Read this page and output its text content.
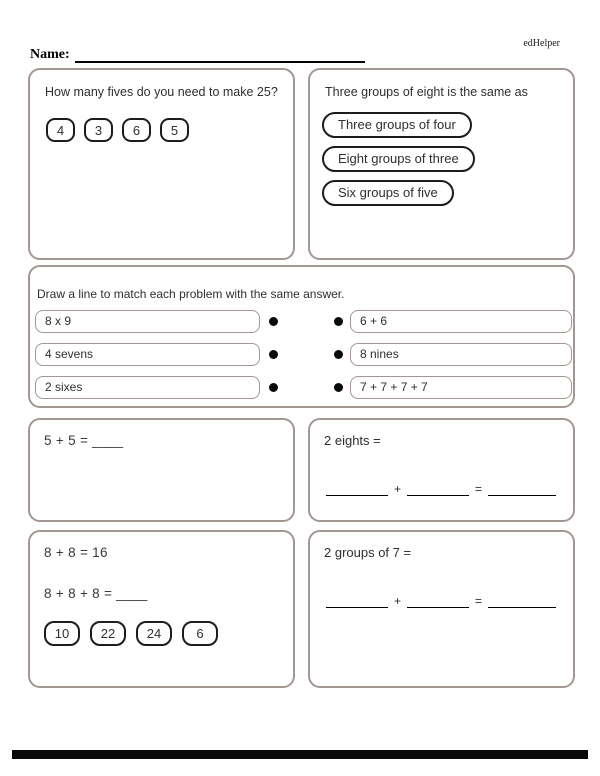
edHelper
Name:
How many fives do you need to make 25?
4	3	6	5
Three groups of eight is the same as
Three groups of four
Eight groups of three
Six groups of five
Draw a line to match each problem with the same answer.
8 x 9	6 + 6
4 sevens	8 nines
2 sixes	7 + 7 + 7 + 7
5 + 5 = ____	2 eights =
+	=
8 + 8 = 16
8 + 8 + 8 = ____
10	22	24	6
2 groups of 7 =
+	=
